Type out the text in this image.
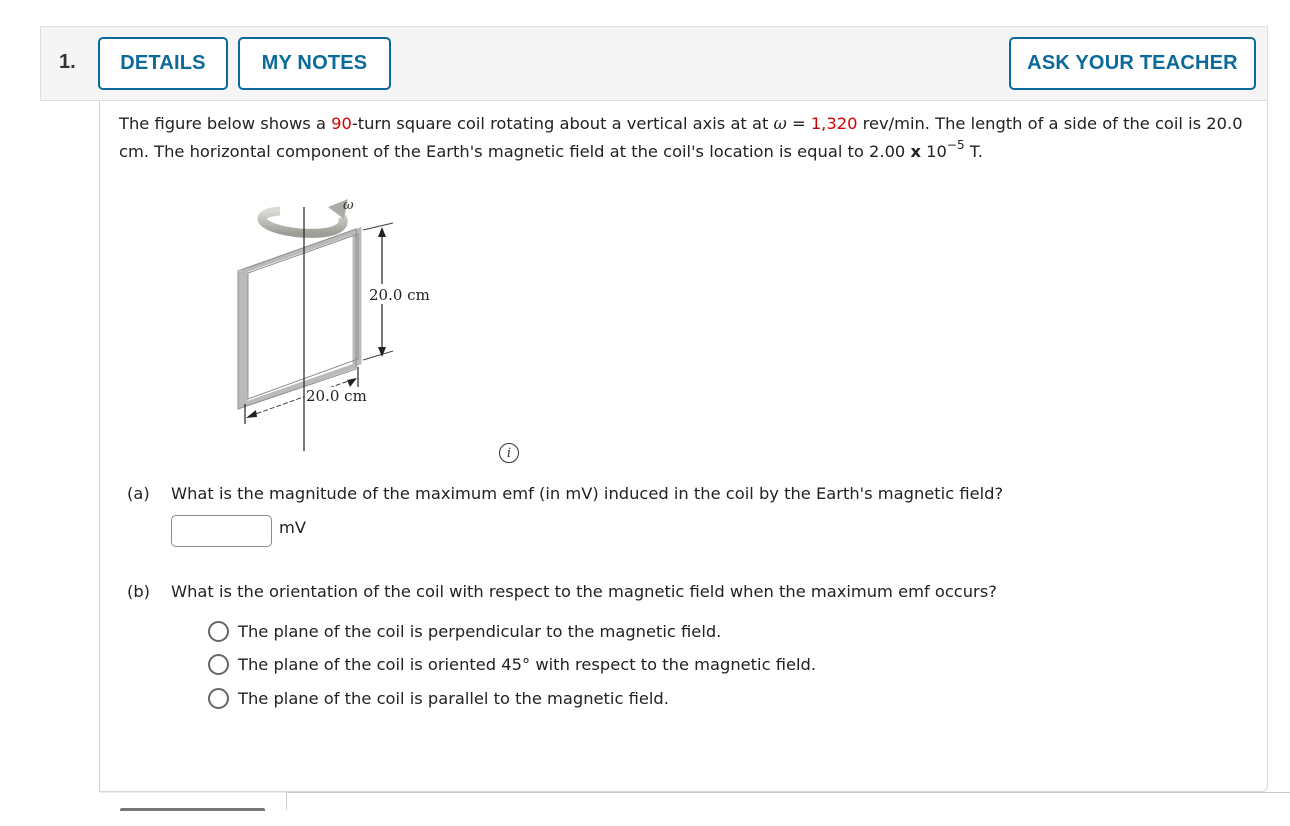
1.	DETAILS	MY NOTES	ASK YOUR TEACHER

The figure below shows a 90-turn square coil rotating about a vertical axis at at ω = 1,320 rev/min. The length of a side of the coil is 20.0 cm. The horizontal component of the Earth's magnetic field at the coil's location is equal to 2.00 x $10^{-5}$ T.

ω
20.0 cm
20.0 cm
i
(a) What is the magnitude of the maximum emf (in mV) induced in the coil by the Earth's magnetic field?
mV
(b) What is the orientation of the coil with respect to the magnetic field when the maximum emf occurs?
The plane of the coil is perpendicular to the magnetic field.
The plane of the coil is oriented 45° with respect to the magnetic field.
The plane of the coil is parallel to the magnetic field.
